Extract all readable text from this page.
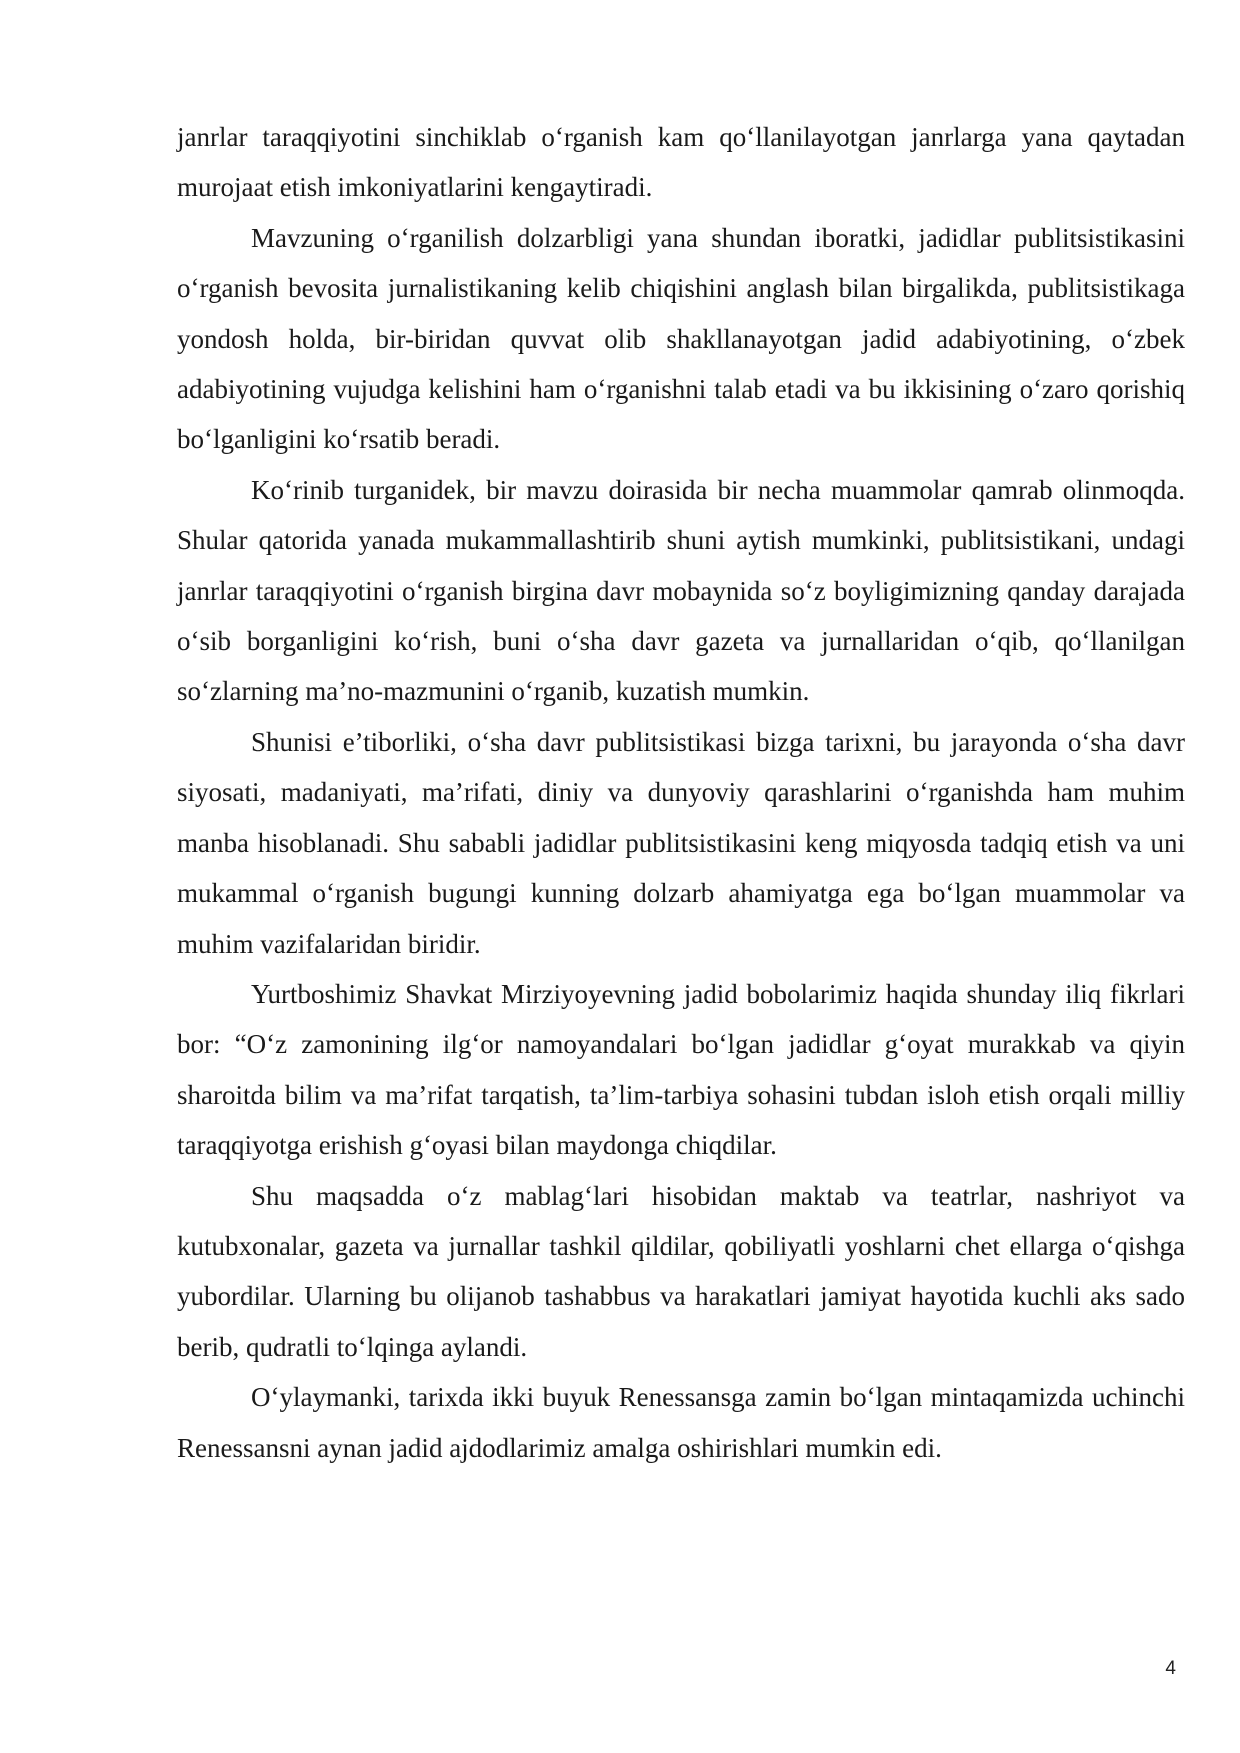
janrlar taraqqiyotini sinchiklab o‘rganish kam qo‘llanilayotgan janrlarga yana qaytadan murojaat etish imkoniyatlarini kengaytiradi.

Mavzuning o‘rganilish dolzarbligi yana shundan iboratki, jadidlar publitsistikasini o‘rganish bevosita jurnalistikaning kelib chiqishini anglash bilan birgalikda, publitsistikaga yondosh holda, bir-biridan quvvat olib shakllanayotgan jadid adabiyotining, o‘zbek adabiyotining vujudga kelishini ham o‘rganishni talab etadi va bu ikkisining o‘zaro qorishiq bo‘lganligini ko‘rsatib beradi.

Ko‘rinib turganidek, bir mavzu doirasida bir necha muammolar qamrab olinmoqda. Shular qatorida yanada mukammallashtirib shuni aytish mumkinki, publitsistikani, undagi janrlar taraqqiyotini o‘rganish birgina davr mobaynida so‘z boyligimizning qanday darajada o‘sib borganligini ko‘rish, buni o‘sha davr gazeta va jurnallaridan o‘qib, qo‘llanilgan so‘zlarning ma’no-mazmunini o‘rganib, kuzatish mumkin.

Shunisi e’tiborliki, o‘sha davr publitsistikasi bizga tarixni, bu jarayonda o‘sha davr siyosati, madaniyati, ma’rifati, diniy va dunyoviy qarashlarini o‘rganishda ham muhim manba hisoblanadi. Shu sababli jadidlar publitsistikasini keng miqyosda tadqiq etish va uni mukammal o‘rganish bugungi kunning dolzarb ahamiyatga ega bo‘lgan muammolar va muhim vazifalaridan biridir.

Yurtboshimiz Shavkat Mirziyoyevning jadid bobolarimiz haqida shunday iliq fikrlari bor: “O‘z zamonining ilg‘or namoyandalari bo‘lgan jadidlar g‘oyat murakkab va qiyin sharoitda bilim va ma’rifat tarqatish, ta’lim-tarbiya sohasini tubdan isloh etish orqali milliy taraqqiyotga erishish g‘oyasi bilan maydonga chiqdilar.

Shu maqsadda o‘z mablag‘lari hisobidan maktab va teatrlar, nashriyot va kutubxonalar, gazeta va jurnallar tashkil qildilar, qobiliyatli yoshlarni chet ellarga o‘qishga yubordilar. Ularning bu olijanob tashabbus va harakatlari jamiyat hayotida kuchli aks sado berib, qudratli to‘lqinga aylandi.

O‘ylaymanki, tarixda ikki buyuk Renessansga zamin bo‘lgan mintaqamizda uchinchi Renessansni aynan jadid ajdodlarimiz amalga oshirishlari mumkin edi.

4
